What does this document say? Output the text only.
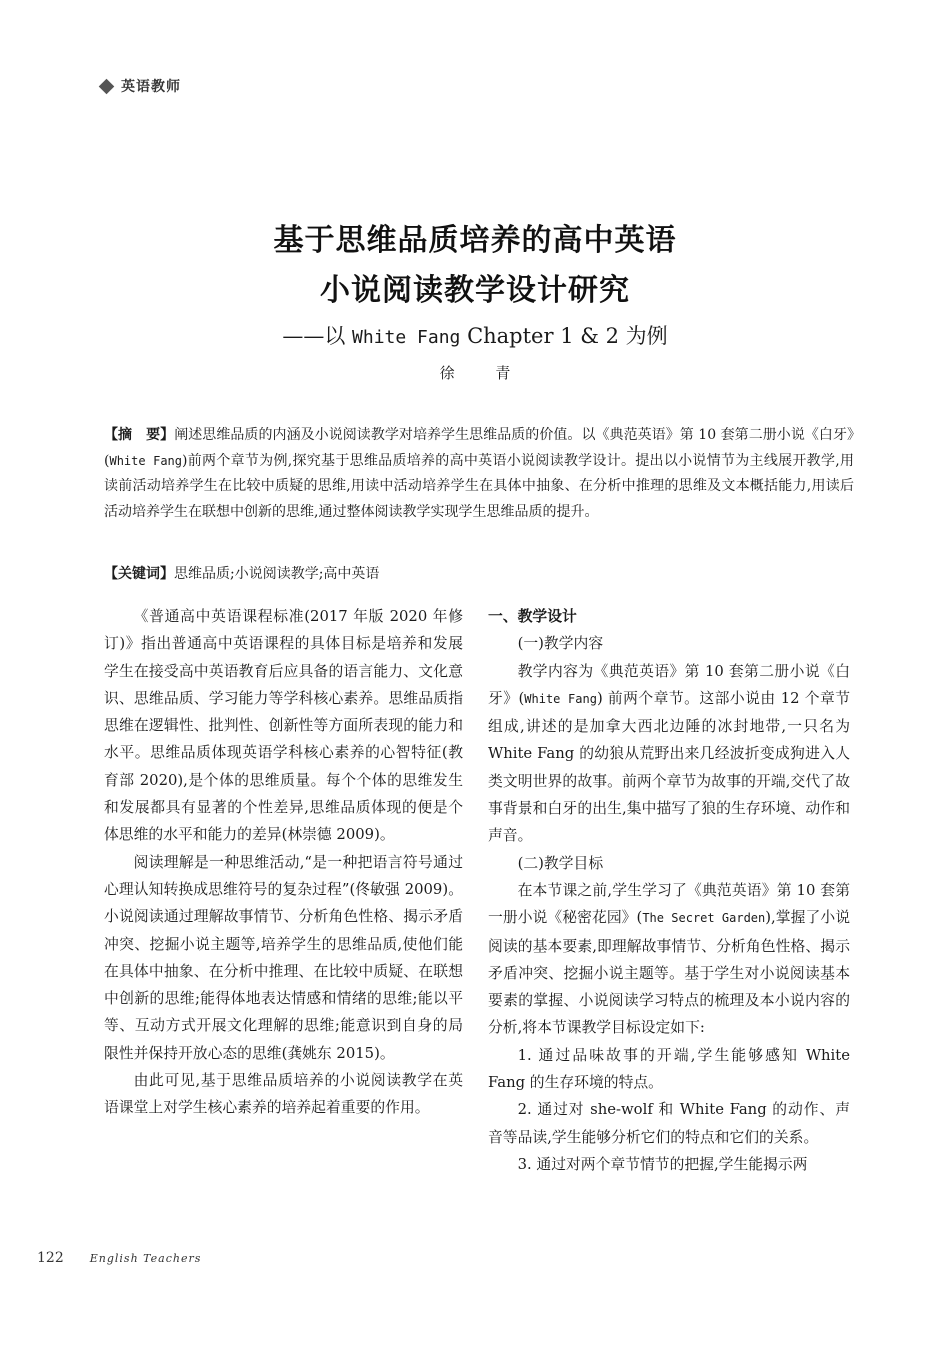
英语教师
基于思维品质培养的高中英语
小说阅读教学设计研究
——以 White Fang Chapter 1 & 2 为例
徐 青
【摘　要】阐述思维品质的内涵及小说阅读教学对培养学生思维品质的价值。以《典范英语》第 10 套第二册小说《白牙》(White Fang)前两个章节为例,探究基于思维品质培养的高中英语小说阅读教学设计。提出以小说情节为主线展开教学,用读前活动培养学生在比较中质疑的思维,用读中活动培养学生在具体中抽象、在分析中推理的思维及文本概括能力,用读后活动培养学生在联想中创新的思维,通过整体阅读教学实现学生思维品质的提升。
【关键词】思维品质;小说阅读教学;高中英语

《普通高中英语课程标准(2017 年版 2020 年修订)》指出普通高中英语课程的具体目标是培养和发展学生在接受高中英语教育后应具备的语言能力、文化意识、思维品质、学习能力等学科核心素养。思维品质指思维在逻辑性、批判性、创新性等方面所表现的能力和水平。思维品质体现英语学科核心素养的心智特征(教育部 2020),是个体的思维质量。每个个体的思维发生和发展都具有显著的个性差异,思维品质体现的便是个体思维的水平和能力的差异(林崇德 2009)。

阅读理解是一种思维活动,“是一种把语言符号通过心理认知转换成思维符号的复杂过程”(佟敏强 2009)。小说阅读通过理解故事情节、分析角色性格、揭示矛盾冲突、挖掘小说主题等,培养学生的思维品质,使他们能在具体中抽象、在分析中推理、在比较中质疑、在联想中创新的思维;能得体地表达情感和情绪的思维;能以平等、互动方式开展文化理解的思维;能意识到自身的局限性并保持开放心态的思维(龚姚东 2015)。

由此可见,基于思维品质培养的小说阅读教学在英语课堂上对学生核心素养的培养起着重要的作用。

一、教学设计

(一)教学内容

教学内容为《典范英语》第 10 套第二册小说《白牙》(White Fang) 前两个章节。这部小说由 12 个章节组成,讲述的是加拿大西北边陲的冰封地带,一只名为 White Fang 的幼狼从荒野出来几经波折变成狗进入人类文明世界的故事。前两个章节为故事的开端,交代了故事背景和白牙的出生,集中描写了狼的生存环境、动作和声音。

(二)教学目标

在本节课之前,学生学习了《典范英语》第 10 套第一册小说《秘密花园》(The Secret Garden),掌握了小说阅读的基本要素,即理解故事情节、分析角色性格、揭示矛盾冲突、挖掘小说主题等。基于学生对小说阅读基本要素的掌握、小说阅读学习特点的梳理及本小说内容的分析,将本节课教学目标设定如下:

1. 通过品味故事的开端,学生能够感知 White Fang 的生存环境的特点。

2. 通过对 she-wolf 和 White Fang 的动作、声音等品读,学生能够分析它们的特点和它们的关系。

3. 通过对两个章节情节的把握,学生能揭示两

122 English Teachers
